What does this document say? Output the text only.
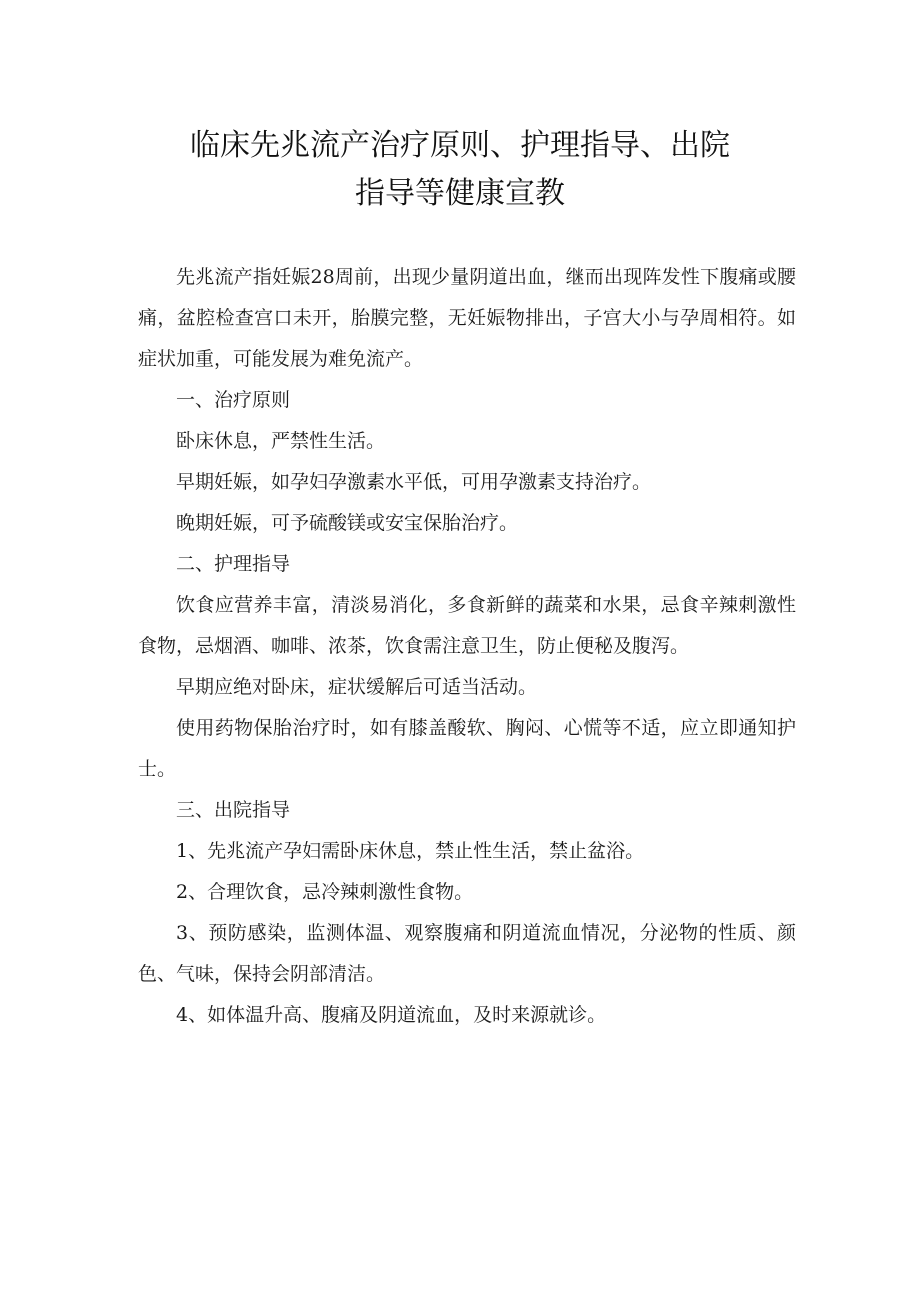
临床先兆流产治疗原则、护理指导、出院
指导等健康宣教

先兆流产指妊娠28周前，出现少量阴道出血，继而出现阵发性下腹痛或腰痛，盆腔检查宫口未开，胎膜完整，无妊娠物排出，子宫大小与孕周相符。如症状加重，可能发展为难免流产。

一、治疗原则

卧床休息，严禁性生活。

早期妊娠，如孕妇孕激素水平低，可用孕激素支持治疗。

晚期妊娠，可予硫酸镁或安宝保胎治疗。

二、护理指导

饮食应营养丰富，清淡易消化，多食新鲜的蔬菜和水果，忌食辛辣刺激性食物，忌烟酒、咖啡、浓茶，饮食需注意卫生，防止便秘及腹泻。

早期应绝对卧床，症状缓解后可适当活动。

使用药物保胎治疗时，如有膝盖酸软、胸闷、心慌等不适，应立即通知护士。

三、出院指导

1、先兆流产孕妇需卧床休息，禁止性生活，禁止盆浴。

2、合理饮食，忌冷辣刺激性食物。

3、预防感染，监测体温、观察腹痛和阴道流血情况，分泌物的性质、颜色、气味，保持会阴部清洁。

4、如体温升高、腹痛及阴道流血，及时来源就诊。
